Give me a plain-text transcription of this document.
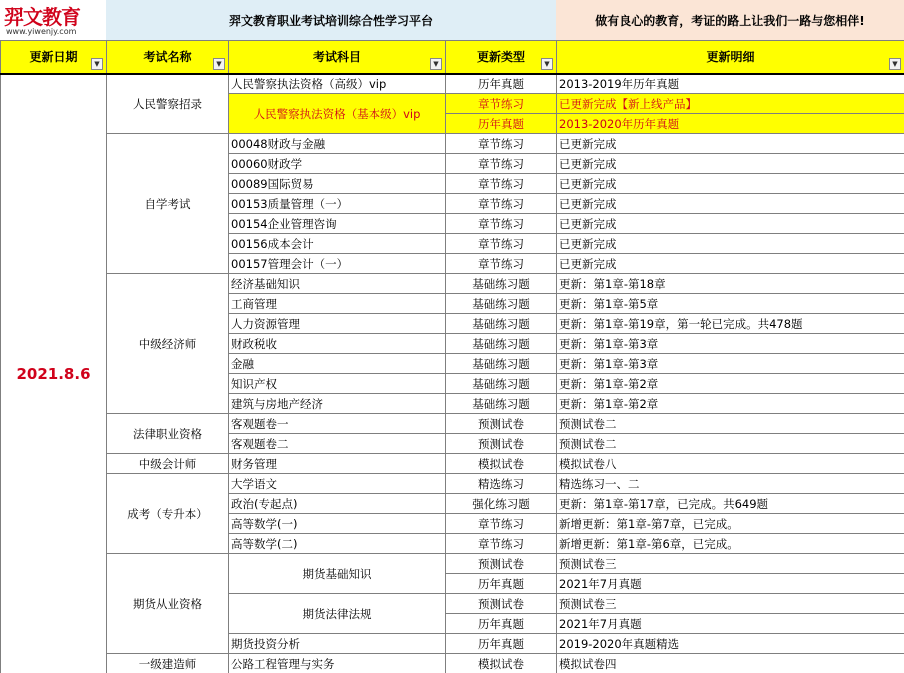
羿文教育
www.yiwenjy.com
羿文教育职业考试培训综合性学习平台	做有良心的教育，考证的路上让我们一路与您相伴!
更新日期 ▼	考试名称 ▼	考试科目 ▼	更新类型 ▼	更新明细 ▼

2021.8.6	人民警察招录	人民警察执法资格（高级）vip	历年真题	2013-2019年历年真题
		人民警察执法资格（基本级）vip	章节练习	已更新完成【新上线产品】
			历年真题	2013-2020年历年真题
	自学考试	00048财政与金融	章节练习	已更新完成
		00060财政学	章节练习	已更新完成
		00089国际贸易	章节练习	已更新完成
		00153质量管理（一）	章节练习	已更新完成
		00154企业管理咨询	章节练习	已更新完成
		00156成本会计	章节练习	已更新完成
		00157管理会计（一）	章节练习	已更新完成
	中级经济师	经济基础知识	基础练习题	更新：第1章-第18章
		工商管理	基础练习题	更新：第1章-第5章
		人力资源管理	基础练习题	更新：第1章-第19章，第一轮已完成。共478题
		财政税收	基础练习题	更新：第1章-第3章
		金融	基础练习题	更新：第1章-第3章
		知识产权	基础练习题	更新：第1章-第2章
		建筑与房地产经济	基础练习题	更新：第1章-第2章
	法律职业资格	客观题卷一	预测试卷	预测试卷二
		客观题卷二	预测试卷	预测试卷二
	中级会计师	财务管理	模拟试卷	模拟试卷八
	成考（专升本）	大学语文	精选练习	精选练习一、二
		政治(专起点)	强化练习题	更新：第1章-第17章，已完成。共649题
		高等数学(一)	章节练习	新增更新：第1章-第7章，已完成。
		高等数学(二)	章节练习	新增更新：第1章-第6章，已完成。
	期货从业资格	期货基础知识	预测试卷	预测试卷三
			历年真题	2021年7月真题
		期货法律法规	预测试卷	预测试卷三
			历年真题	2021年7月真题
		期货投资分析	历年真题	2019-2020年真题精选
	一级建造师	公路工程管理与实务	模拟试卷	模拟试卷四
